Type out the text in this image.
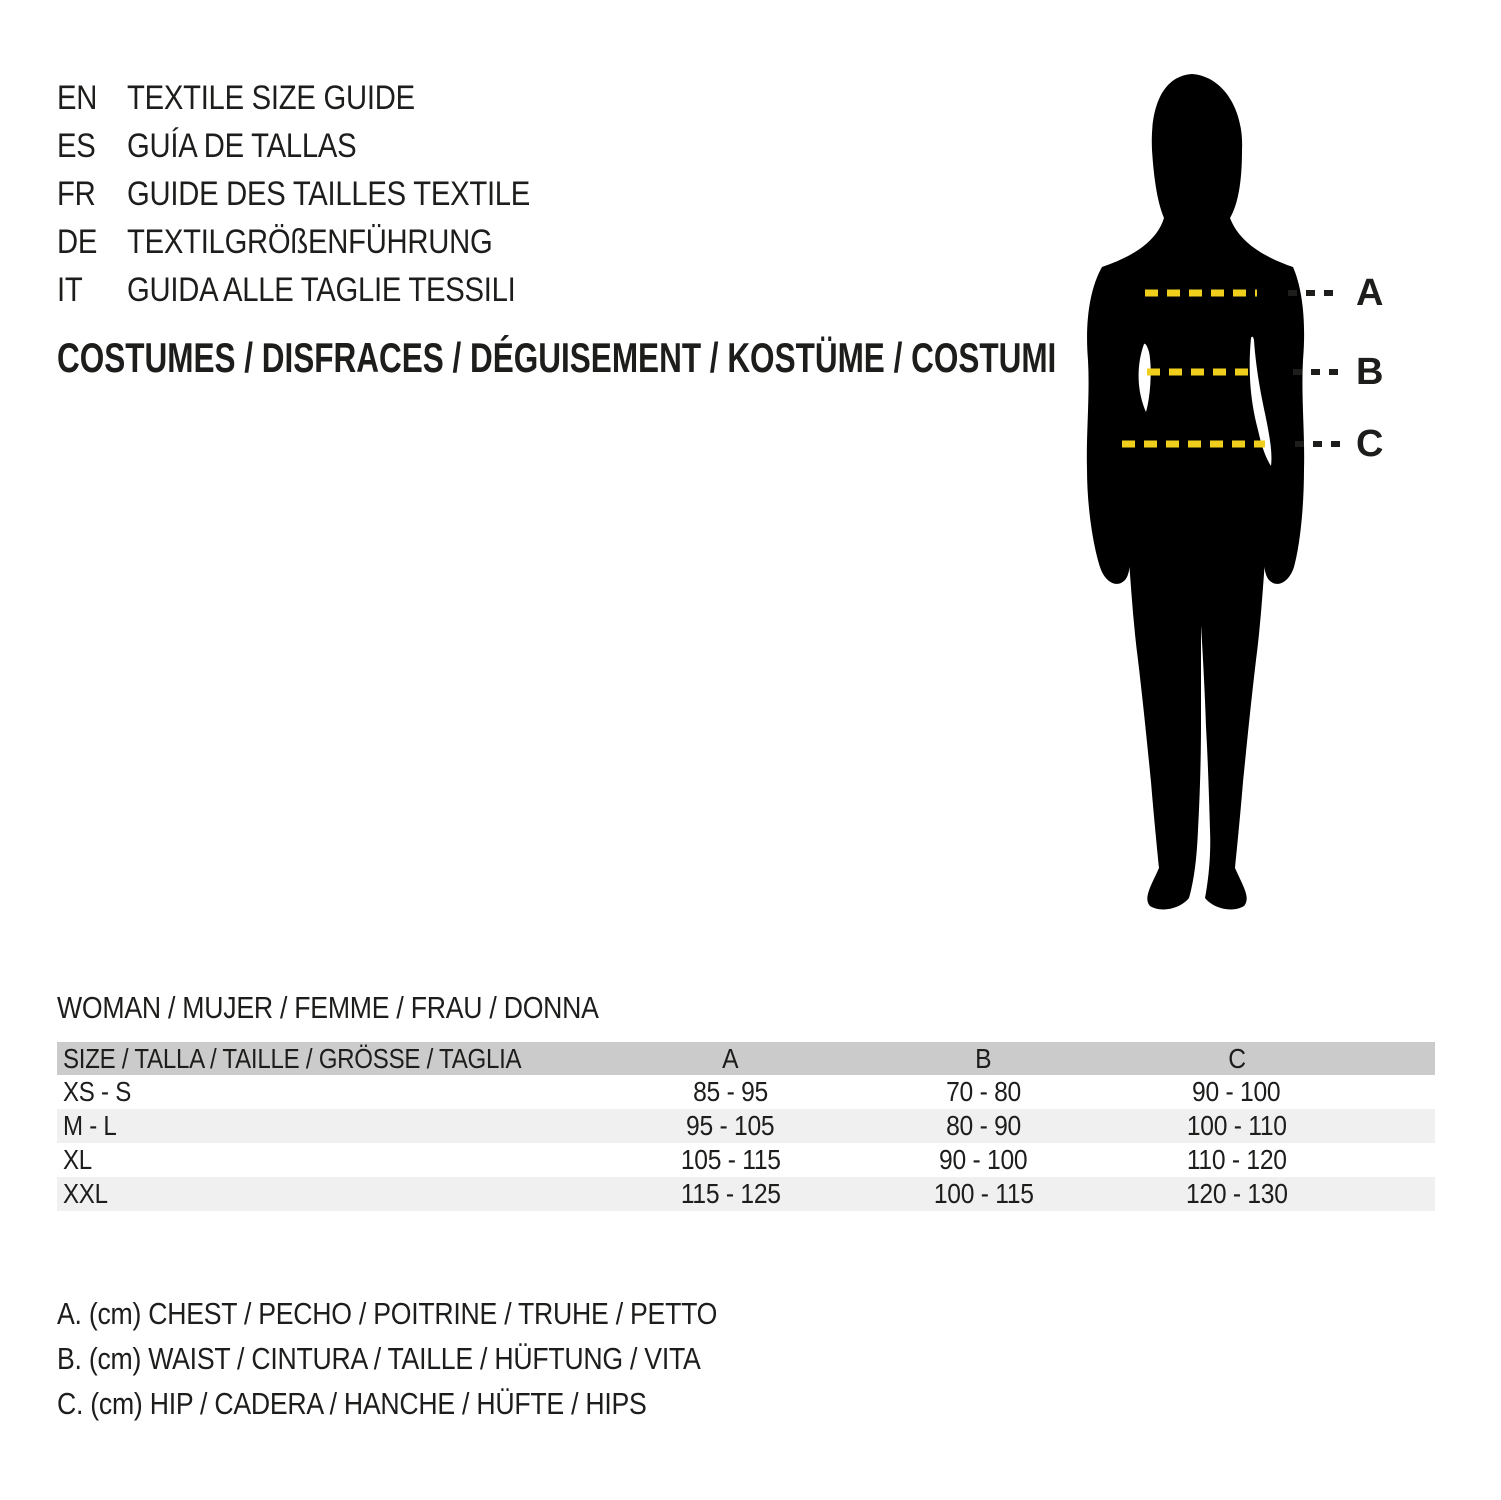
EN TEXTILE SIZE GUIDE
ES GUÍA DE TALLAS
FR GUIDE DES TAILLES TEXTILE
DE TEXTILGRÖßENFÜHRUNG
IT	GUIDA ALLE TAGLIE TESSILI
COSTUMES / DISFRACES / DÉGUISEMENT / KOSTÜME / COSTUMI
A
B
C
WOMAN / MUJER / FEMME / FRAU / DONNA
SIZE / TALLA / TAILLE / GRÖSSE / TAGLIA	A	B	C	
XS - S	85 - 95	70 - 80	90 - 100	
M - L	95 - 105	80 - 90	100 - 110	
XL	105 - 115	90 - 100	110 - 120	
XXL	115 - 125	100 - 115	120 - 130	
A. (cm) CHEST / PECHO / POITRINE / TRUHE / PETTO
B. (cm) WAIST / CINTURA / TAILLE / HÜFTUNG / VITA
C. (cm) HIP / CADERA / HANCHE / HÜFTE / HIPS
